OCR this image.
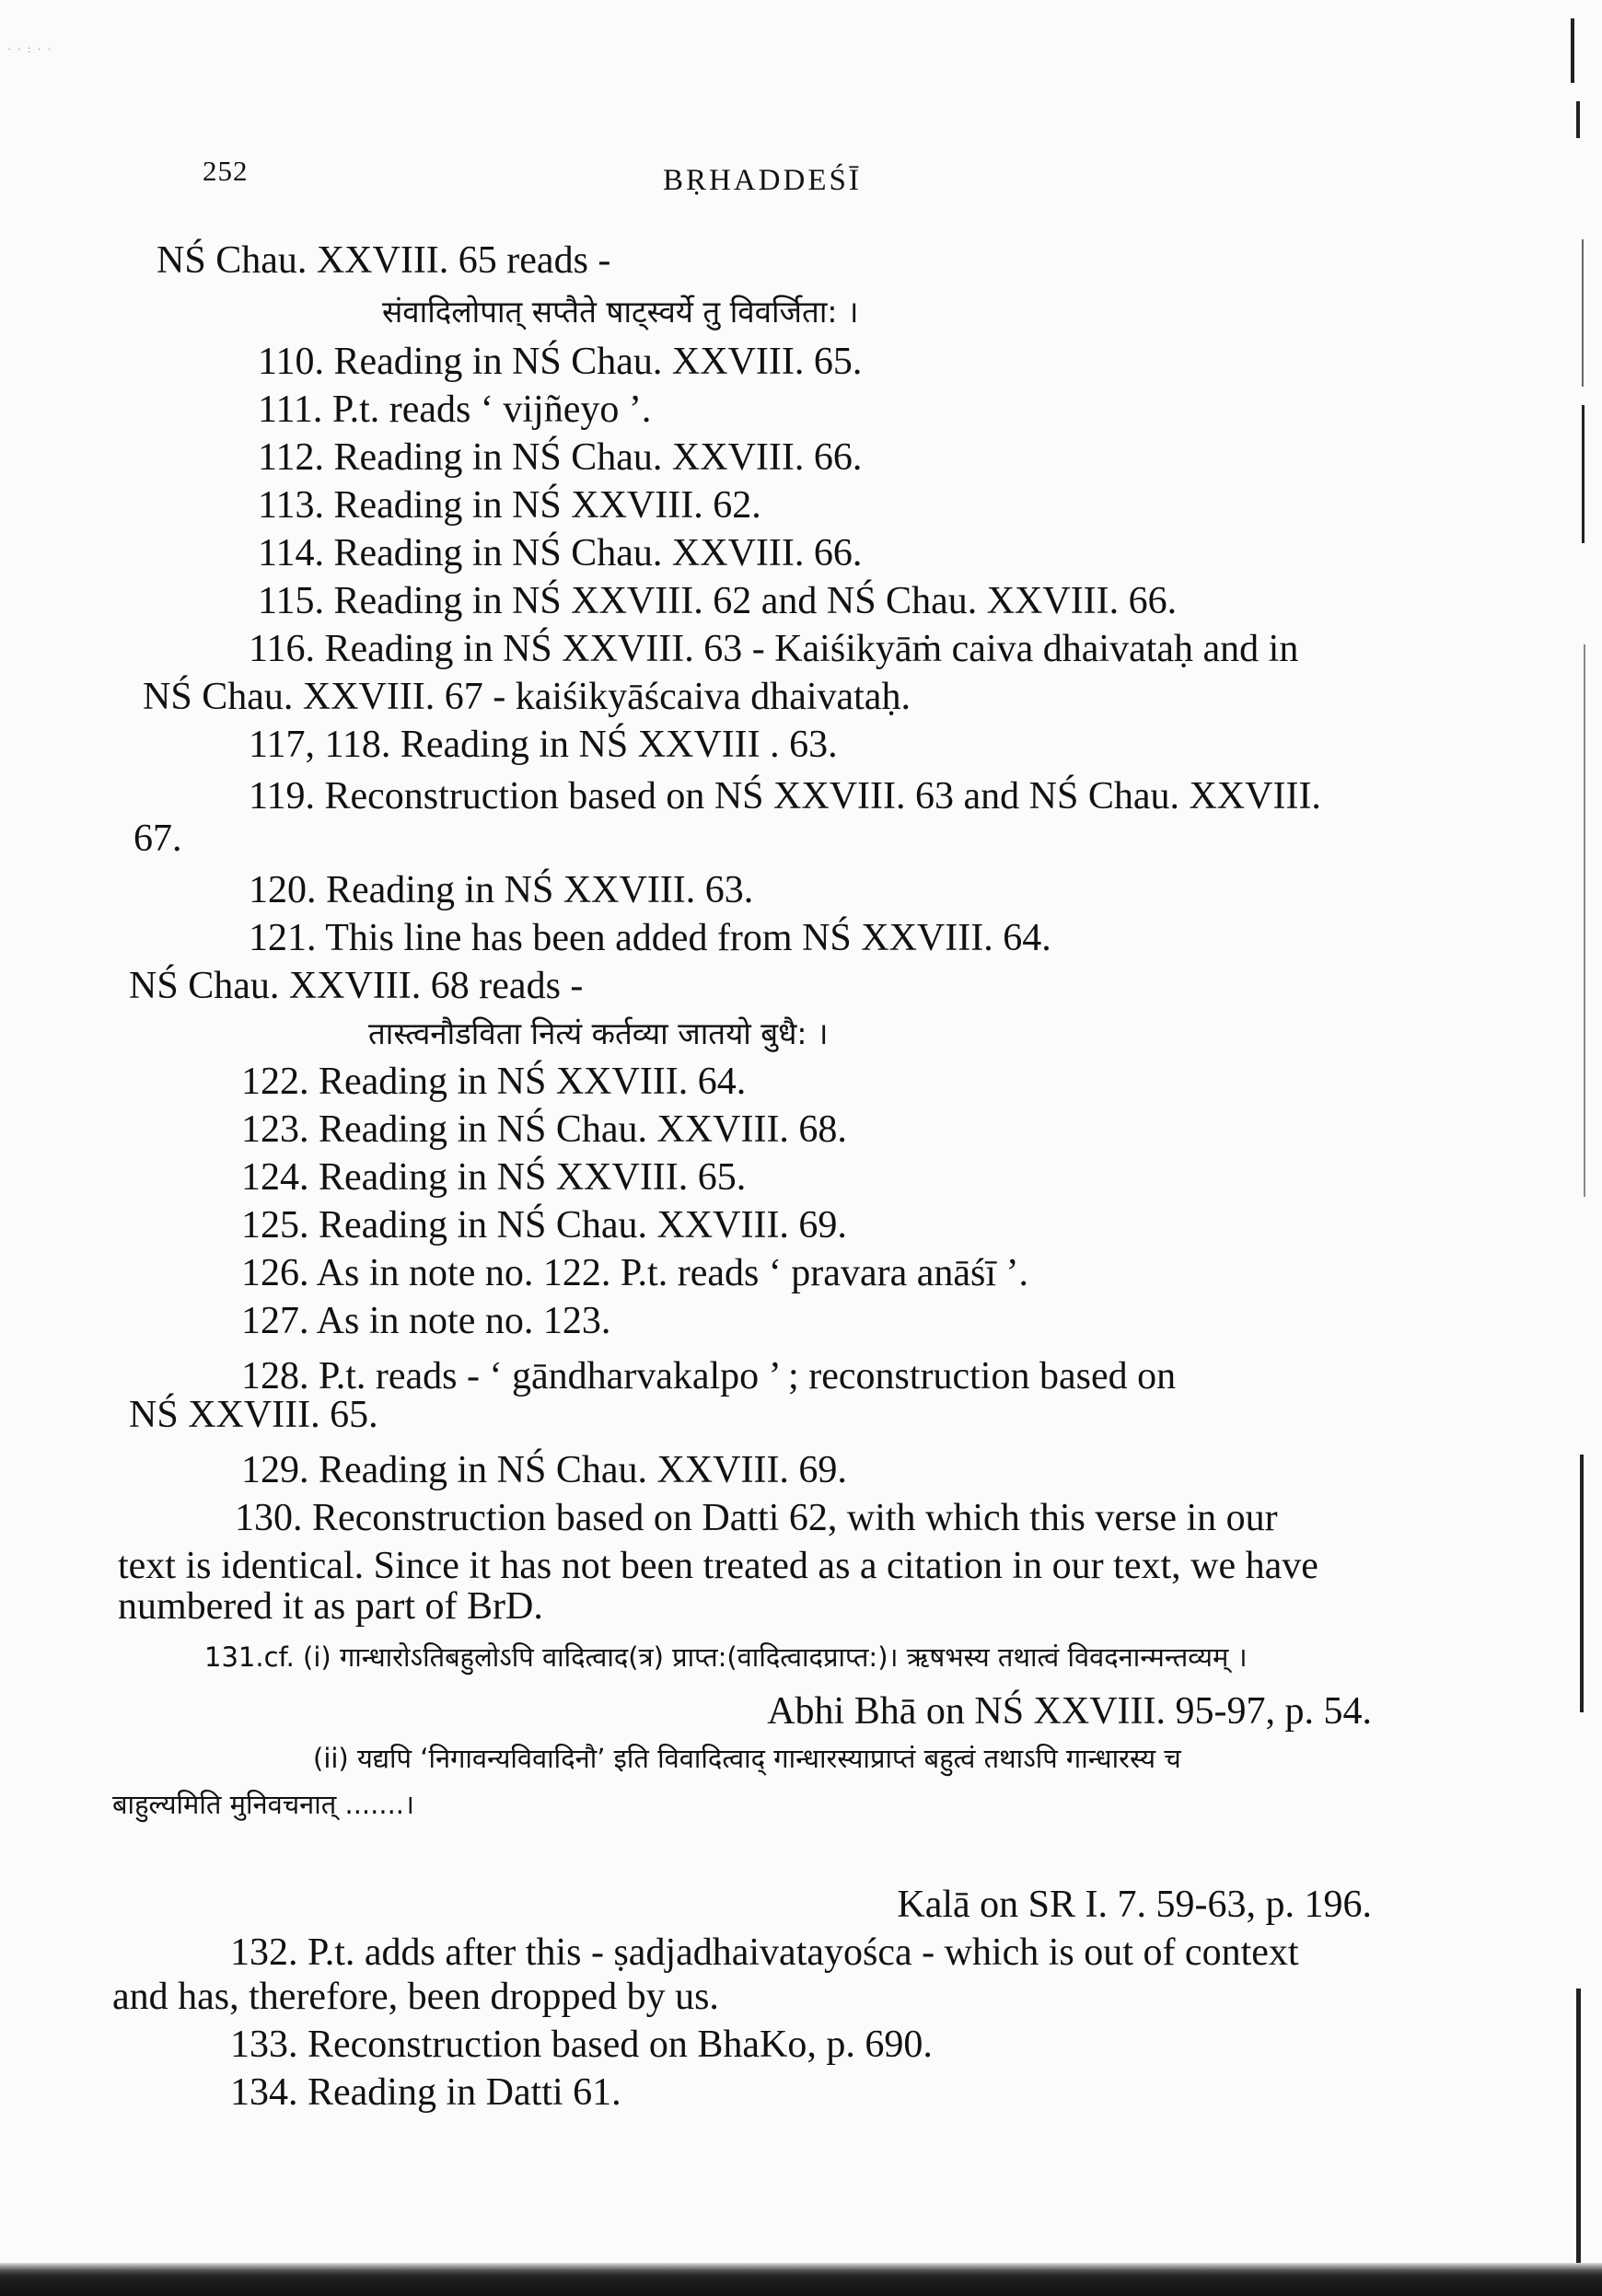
· · : · ·
252	BṚHADDEŚĪ
NŚ Chau. XXVIII. 65 reads -
संवादिलोपात् सप्तैते षाट्स्वर्ये तु विवर्जिता: ।
110. Reading in NŚ Chau. XXVIII. 65.
111. P.t. reads ‘ vijñeyo ’.
112. Reading in NŚ Chau. XXVIII. 66.
113. Reading in NŚ XXVIII. 62.
114. Reading in NŚ Chau. XXVIII. 66.
115. Reading in NŚ XXVIII. 62 and NŚ Chau. XXVIII. 66.
116. Reading in NŚ XXVIII. 63 - Kaiśikyāṁ caiva dhaivataḥ and in
NŚ Chau. XXVIII. 67 - kaiśikyāścaiva dhaivataḥ.
117, 118. Reading in NŚ XXVIII . 63.
119. Reconstruction based on NŚ XXVIII. 63 and NŚ Chau. XXVIII.
67.
120. Reading in NŚ XXVIII. 63.
121. This line has been added from NŚ XXVIII. 64.
NŚ Chau. XXVIII. 68 reads -
तास्त्वनौडविता नित्यं कर्तव्या जातयो बुधै: ।
122. Reading in NŚ XXVIII. 64.
123. Reading in NŚ Chau. XXVIII. 68.
124. Reading in NŚ XXVIII. 65.
125. Reading in NŚ Chau. XXVIII. 69.
126. As in note no. 122. P.t. reads ‘ pravara anāśī ’.
127. As in note no. 123.
128. P.t. reads - ‘ gāndharvakalpo ’ ; reconstruction based on
NŚ XXVIII. 65.
129. Reading in NŚ Chau. XXVIII. 69.
130. Reconstruction based on Datti 62, with which this verse in our
text is identical. Since it has not been treated as a citation in our text, we have
numbered it as part of BrD.
131.cf. (i) गान्धारोऽतिबहुलोऽपि वादित्वाद(त्र) प्राप्त:(वादित्वादप्राप्त:)। ऋषभस्य तथात्वं विवदनान्मन्तव्यम् ।
Abhi Bhā on NŚ XXVIII. 95-97, p. 54.
(ii) यद्यपि ‘निगावन्यविवादिनौ’ इति विवादित्वाद् गान्धारस्याप्राप्तं बहुत्वं तथाऽपि गान्धारस्य च
बाहुल्यमिति मुनिवचनात् .......।
Kalā on SR I. 7. 59-63, p. 196.
132. P.t. adds after this - ṣadjadhaivatayośca - which is out of context
and has, therefore, been dropped by us.
133. Reconstruction based on BhaKo, p. 690.
134. Reading in Datti 61.
